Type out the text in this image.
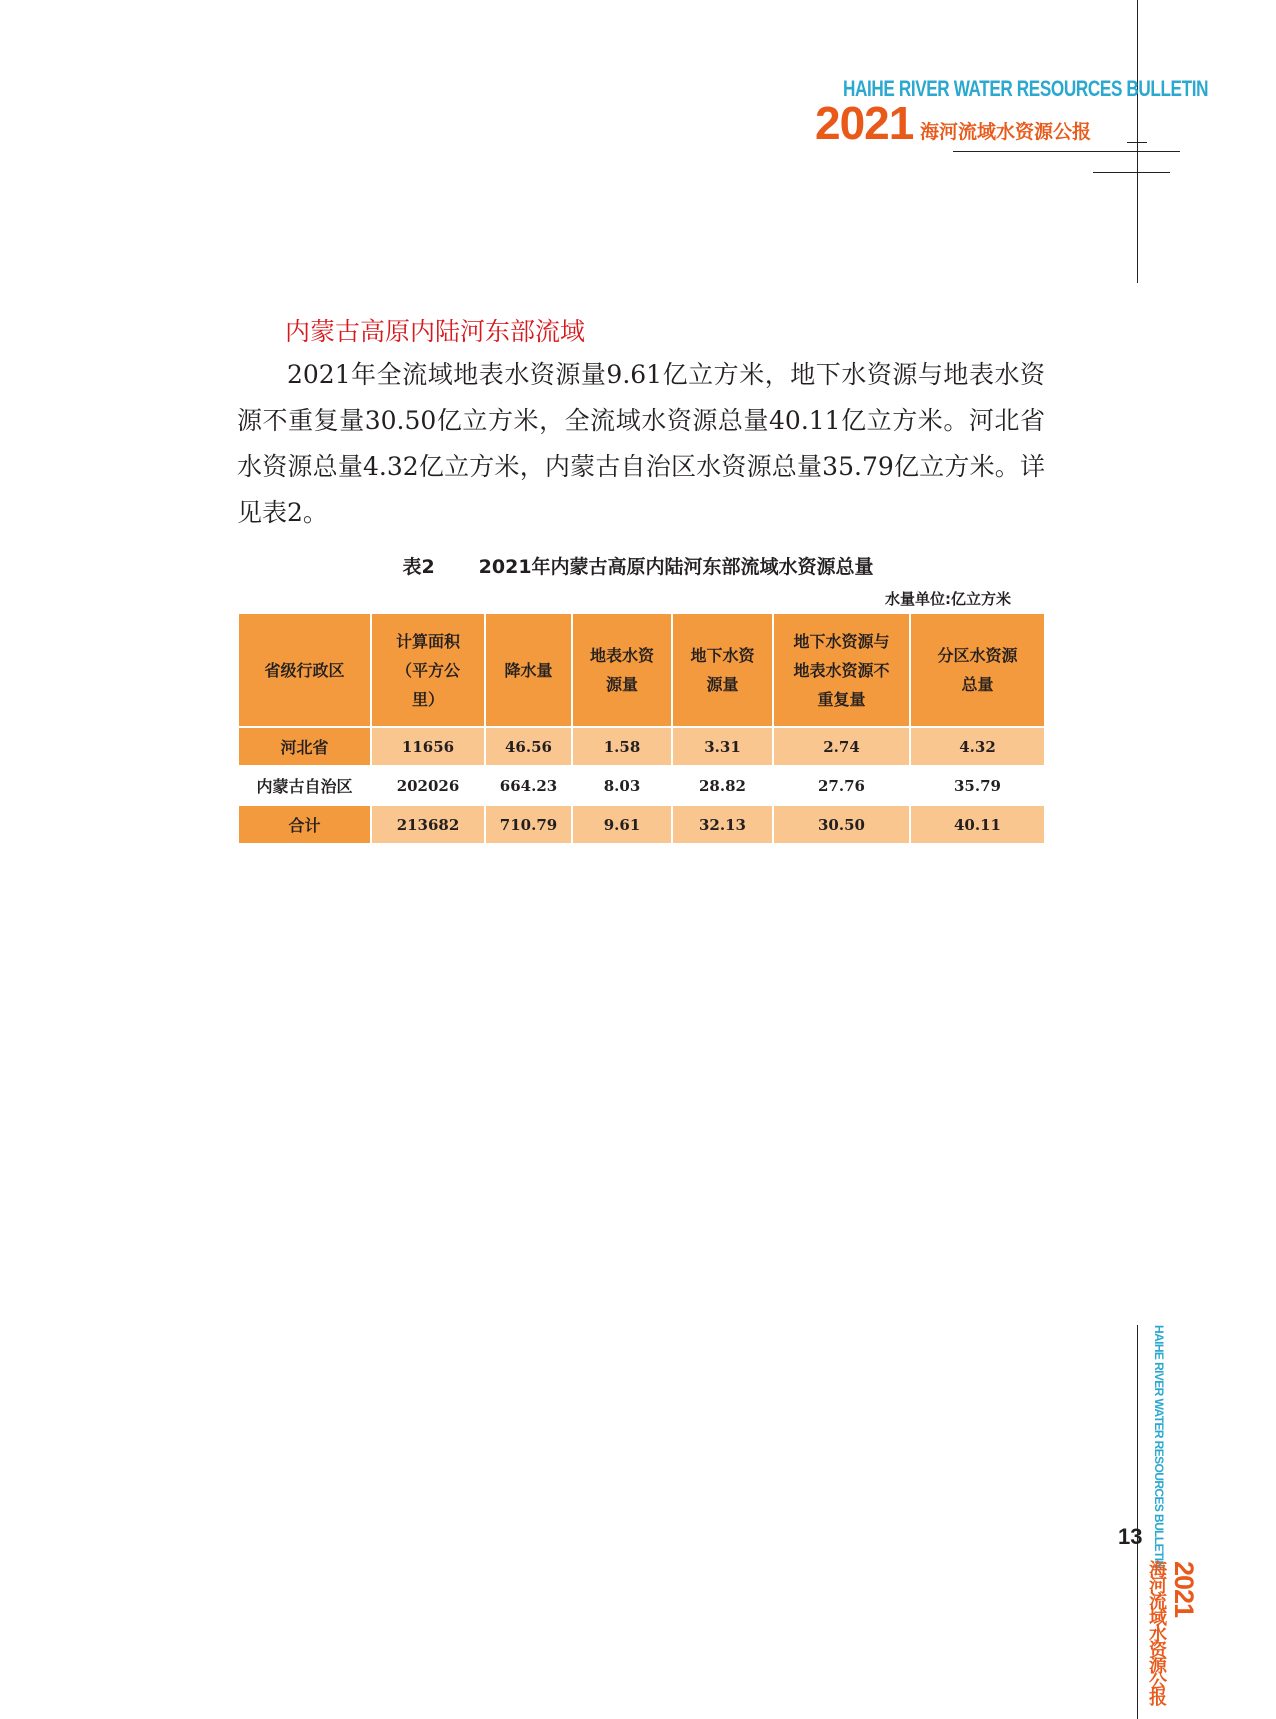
HAIHE RIVER WATER RESOURCES BULLETIN
2021 海河流域水资源公报
内蒙古高原内陆河东部流域
2021年全流域地表水资源量9.61亿立方米，地下水资源与地表水资源不重复量30.50亿立方米，全流域水资源总量40.11亿立方米。河北省水资源总量4.32亿立方米，内蒙古自治区水资源总量35.79亿立方米。详见表2。
表2 2021年内蒙古高原内陆河东部流域水资源总量
水量单位:亿立方米
省级行政区	计算面积（平方公里）	降水量	地表水资源量	地下水资源量	地下水资源与地表水资源不重复量	分区水资源总量
河北省	11656	46.56	1.58	3.31	2.74	4.32
内蒙古自治区	202026	664.23	8.03	28.82	27.76	35.79
合计	213682	710.79	9.61	32.13	30.50	40.11
HAIHE RIVER WATER RESOURCES BULLETIN
13
2021
海河流域水资源公报
